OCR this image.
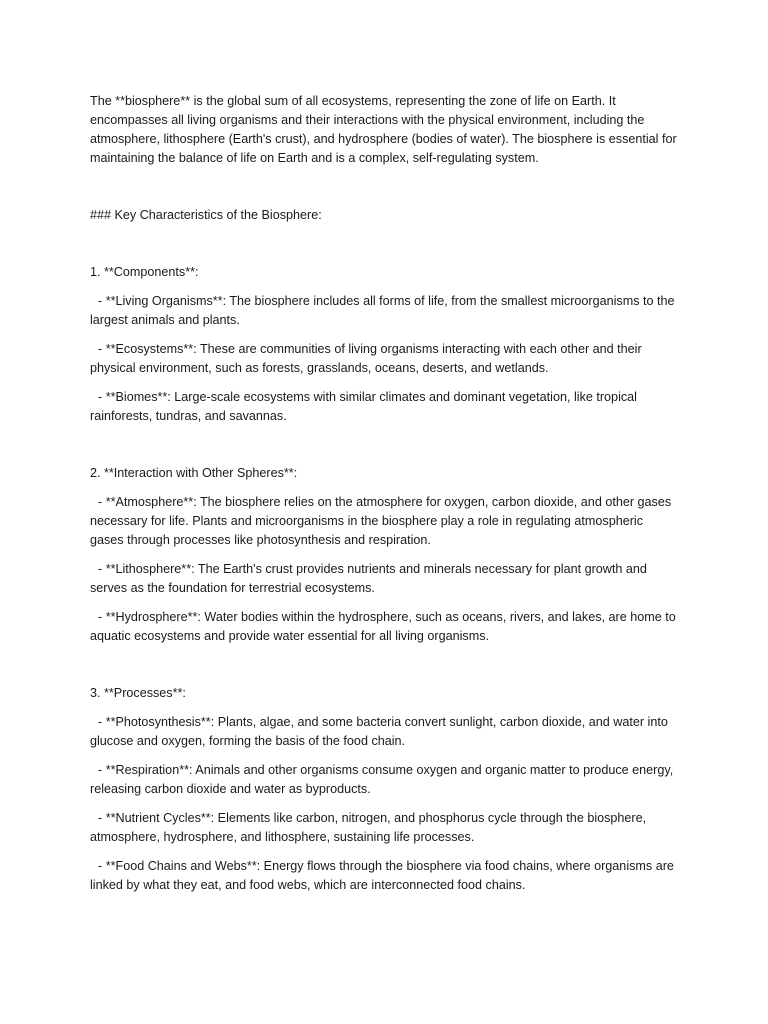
The **biosphere** is the global sum of all ecosystems, representing the zone of life on Earth. It encompasses all living organisms and their interactions with the physical environment, including the atmosphere, lithosphere (Earth's crust), and hydrosphere (bodies of water). The biosphere is essential for maintaining the balance of life on Earth and is a complex, self-regulating system.

### Key Characteristics of the Biosphere:

1. **Components**:

- **Living Organisms**: The biosphere includes all forms of life, from the smallest microorganisms to the largest animals and plants.

- **Ecosystems**: These are communities of living organisms interacting with each other and their physical environment, such as forests, grasslands, oceans, deserts, and wetlands.

- **Biomes**: Large-scale ecosystems with similar climates and dominant vegetation, like tropical rainforests, tundras, and savannas.

2. **Interaction with Other Spheres**:

- **Atmosphere**: The biosphere relies on the atmosphere for oxygen, carbon dioxide, and other gases necessary for life. Plants and microorganisms in the biosphere play a role in regulating atmospheric gases through processes like photosynthesis and respiration.

- **Lithosphere**: The Earth's crust provides nutrients and minerals necessary for plant growth and serves as the foundation for terrestrial ecosystems.

- **Hydrosphere**: Water bodies within the hydrosphere, such as oceans, rivers, and lakes, are home to aquatic ecosystems and provide water essential for all living organisms.

3. **Processes**:

- **Photosynthesis**: Plants, algae, and some bacteria convert sunlight, carbon dioxide, and water into glucose and oxygen, forming the basis of the food chain.

- **Respiration**: Animals and other organisms consume oxygen and organic matter to produce energy, releasing carbon dioxide and water as byproducts.

- **Nutrient Cycles**: Elements like carbon, nitrogen, and phosphorus cycle through the biosphere, atmosphere, hydrosphere, and lithosphere, sustaining life processes.

- **Food Chains and Webs**: Energy flows through the biosphere via food chains, where organisms are linked by what they eat, and food webs, which are interconnected food chains.
